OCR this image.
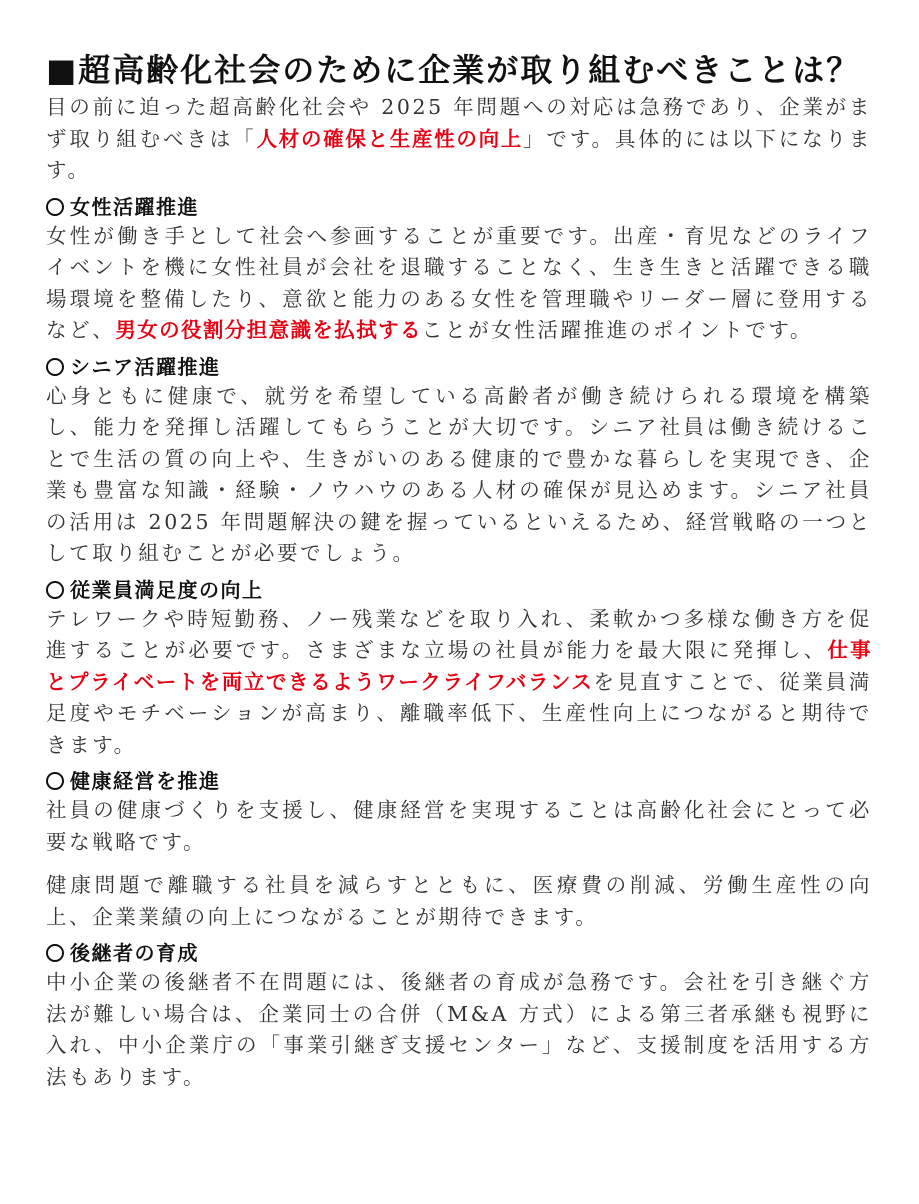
■超高齢化社会のために企業が取り組むべきことは？

目の前に迫った超高齢化社会や 2025 年問題への対応は急務であり、企業がまず取り組むべきは「人材の確保と生産性の向上」です。具体的には以下になります。

女性活躍推進

女性が働き手として社会へ参画することが重要です。出産・育児などのライフイベントを機に女性社員が会社を退職することなく、生き生きと活躍できる職場環境を整備したり、意欲と能力のある女性を管理職やリーダー層に登用するなど、男女の役割分担意識を払拭することが女性活躍推進のポイントです。

シニア活躍推進

心身ともに健康で、就労を希望している高齢者が働き続けられる環境を構築し、能力を発揮し活躍してもらうことが大切です。シニア社員は働き続けることで生活の質の向上や、生きがいのある健康的で豊かな暮らしを実現でき、企業も豊富な知識・経験・ノウハウのある人材の確保が見込めます。シニア社員の活用は 2025 年問題解決の鍵を握っているといえるため、経営戦略の一つとして取り組むことが必要でしょう。

従業員満足度の向上

テレワークや時短勤務、ノー残業などを取り入れ、柔軟かつ多様な働き方を促進することが必要です。さまざまな立場の社員が能力を最大限に発揮し、仕事とプライベートを両立できるようワークライフバランスを見直すことで、従業員満足度やモチベーションが高まり、離職率低下、生産性向上につながると期待できます。

健康経営を推進

社員の健康づくりを支援し、健康経営を実現することは高齢化社会にとって必要な戦略です。

健康問題で離職する社員を減らすとともに、医療費の削減、労働生産性の向上、企業業績の向上につながることが期待できます。

後継者の育成

中小企業の後継者不在問題には、後継者の育成が急務です。会社を引き継ぐ方法が難しい場合は、企業同士の合併（M&A 方式）による第三者承継も視野に入れ、中小企業庁の「事業引継ぎ支援センター」など、支援制度を活用する方法もあります。
